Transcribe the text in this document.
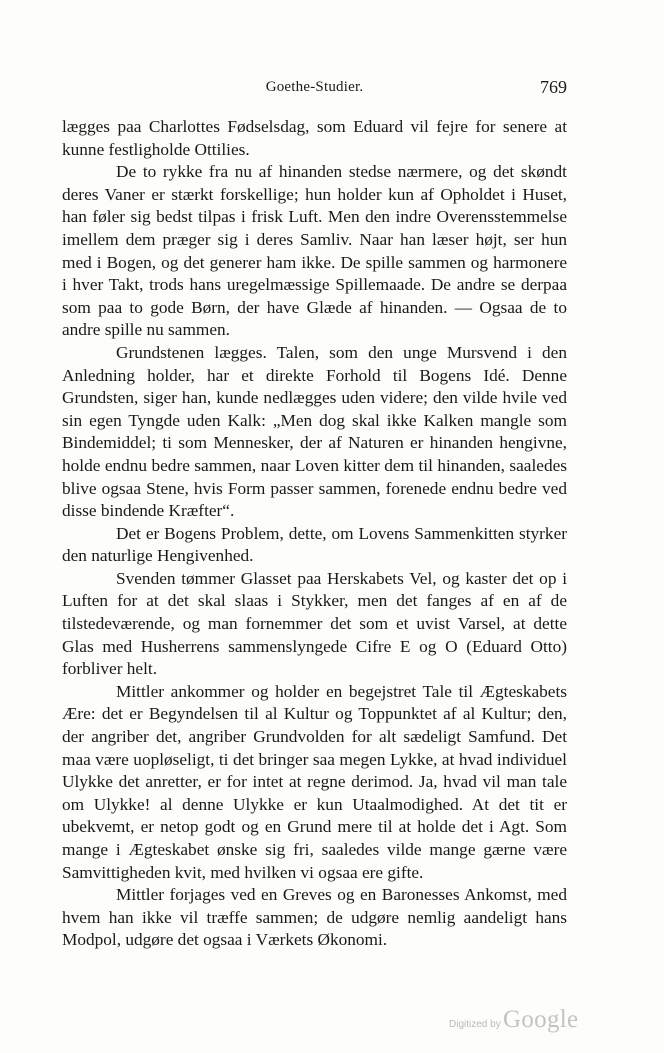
Goethe-Studier.	769

lægges paa Charlottes Fødselsdag, som Eduard vil fejre for senere at kunne festligholde Ottilies.

De to rykke fra nu af hinanden stedse nærmere, og det skøndt deres Vaner er stærkt forskellige; hun holder kun af Opholdet i Huset, han føler sig bedst tilpas i frisk Luft. Men den indre Overensstemmelse imellem dem præger sig i deres Samliv. Naar han læser højt, ser hun med i Bogen, og det generer ham ikke. De spille sammen og harmonere i hver Takt, trods hans uregelmæssige Spillemaade. De andre se derpaa som paa to gode Børn, der have Glæde af hinanden. — Ogsaa de to andre spille nu sammen.

Grundstenen lægges. Talen, som den unge Mursvend i den Anledning holder, har et direkte Forhold til Bogens Idé. Denne Grundsten, siger han, kunde nedlægges uden videre; den vilde hvile ved sin egen Tyngde uden Kalk: „Men dog skal ikke Kalken mangle som Bindemiddel; ti som Mennesker, der af Naturen er hinanden hengivne, holde endnu bedre sammen, naar Loven kitter dem til hinanden, saaledes blive ogsaa Stene, hvis Form passer sammen, forenede endnu bedre ved disse bindende Kræfter“.

Det er Bogens Problem, dette, om Lovens Sammenkitten styrker den naturlige Hengivenhed.

Svenden tømmer Glasset paa Herskabets Vel, og kaster det op i Luften for at det skal slaas i Stykker, men det fanges af en af de tilstedeværende, og man fornemmer det som et uvist Varsel, at dette Glas med Husherrens sammenslyngede Cifre E og O (Eduard Otto) forbliver helt.

Mittler ankommer og holder en begejstret Tale til Ægteskabets Ære: det er Begyndelsen til al Kultur og Toppunktet af al Kultur; den, der angriber det, angriber Grundvolden for alt sædeligt Samfund. Det maa være uopløseligt, ti det bringer saa megen Lykke, at hvad individuel Ulykke det anretter, er for intet at regne derimod. Ja, hvad vil man tale om Ulykke! al denne Ulykke er kun Utaalmodighed. At det tit er ubekvemt, er netop godt og en Grund mere til at holde det i Agt. Som mange i Ægteskabet ønske sig fri, saaledes vilde mange gærne være Samvittigheden kvit, med hvilken vi ogsaa ere gifte.

Mittler forjages ved en Greves og en Baronesses Ankomst, med hvem han ikke vil træffe sammen; de udgøre nemlig aandeligt hans Modpol, udgøre det ogsaa i Værkets Økonomi.

Digitized by Google
